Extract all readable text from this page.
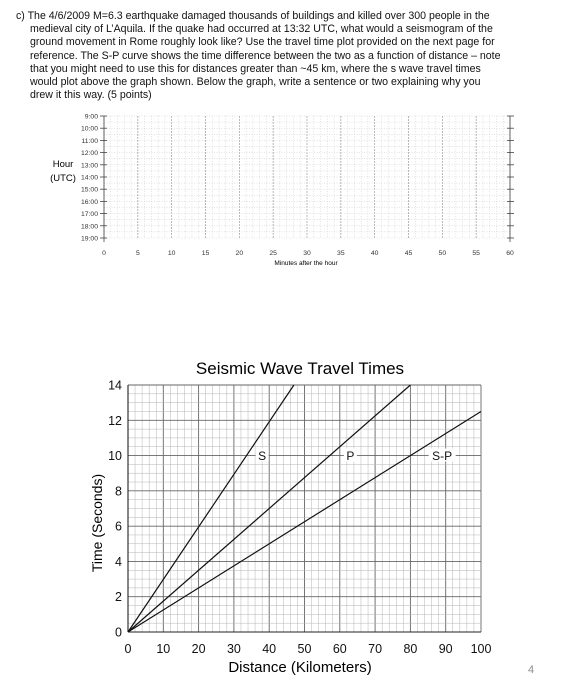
c) The 4/6/2009 M=6.3 earthquake damaged thousands of buildings and killed over 300 people in the
medieval city of L’Aquila. If the quake had occurred at 13:32 UTC, what would a seismogram of the
ground movement in Rome roughly look like? Use the travel time plot provided on the next page for
reference. The S-P curve shows the time difference between the two as a function of distance – note
that you might need to use this for distances greater than ~45 km, where the s wave travel times
would plot above the graph shown. Below the graph, write a sentence or two explaining why you
drew it this way. (5 points)
9:00
10:00
11:00
12:00
13:00
14:00
15:00
16:00
17:00
18:00
19:00
0	5	10	15	20	25	30	35	40	45	50	55	60
Hour
(UTC)
Minutes after the hour
Seismic Wave Travel Times
0 10 20 30 40 50 60 70 80 90 100
0
2
4
6
8
10
12
14
S	P	S-P
Distance (Kilometers)
Time (Seconds)
4
